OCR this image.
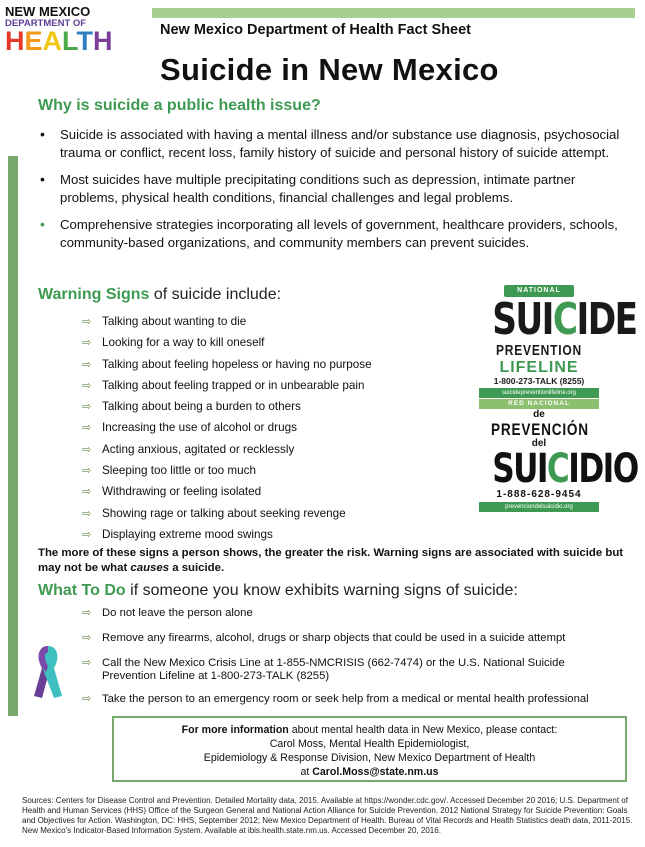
NEW MEXICO
DEPARTMENT OF
HEALTH	New Mexico Department of Health Fact Sheet
Suicide in New Mexico
Why is suicide a public health issue?
• Suicide is associated with having a mental illness and/or substance use diagnosis, psychosocial trauma or conflict, recent loss, family history of suicide and personal history of suicide attempt.
• Most suicides have multiple precipitating conditions such as depression, intimate partner problems, physical health conditions, financial challenges and legal problems.
• Comprehensive strategies incorporating all levels of government, healthcare providers, schools, community-based organizations, and community members can prevent suicides.
Warning Signs of suicide include:
⇨ Talking about wanting to die
⇨ Looking for a way to kill oneself
⇨ Talking about feeling hopeless or having no purpose
⇨ Talking about feeling trapped or in unbearable pain
⇨ Talking about being a burden to others
⇨ Increasing the use of alcohol or drugs
⇨ Acting anxious, agitated or recklessly
⇨ Sleeping too little or too much
⇨ Withdrawing or feeling isolated
⇨ Showing rage or talking about seeking revenge
⇨ Displaying extreme mood swings
NATIONAL
SUICIDE
PREVENTION
LIFELINE
1-800-273-TALK (8255)
suicidepreventionlifeline.org
RED NACIONAL
de
PREVENCIÓN
del
SUICIDIO
1-888-628-9454
prevenciondelsuicidio.org
The more of these signs a person shows, the greater the risk. Warning signs are associated with suicide but may not be what causes a suicide.
What To Do if someone you know exhibits warning signs of suicide:
⇨ Do not leave the person alone
⇨ Remove any firearms, alcohol, drugs or sharp objects that could be used in a suicide attempt
⇨ Call the New Mexico Crisis Line at 1-855-NMCRISIS (662-7474) or the U.S. National Suicide Prevention Lifeline at 1-800-273-TALK (8255)
⇨ Take the person to an emergency room or seek help from a medical or mental health professional
For more information about mental health data in New Mexico, please contact:
Carol Moss, Mental Health Epidemiologist,
Epidemiology & Response Division, New Mexico Department of Health
at Carol.Moss@state.nm.us
Sources: Centers for Disease Control and Prevention. Detailed Mortality data, 2015. Available at https://wonder.cdc.gov/. Accessed December 20 2016; U.S. Department of Health and Human Services (HHS) Office of the Surgeon General and National Action Alliance for Suicide Prevention. 2012 National Strategy for Suicide Prevention: Goals and Objectives for Action. Washington, DC: HHS, September 2012; New Mexico Department of Health. Bureau of Vital Records and Health Statistics death data, 2011-2015. New Mexico's Indicator-Based Information System. Available at ibis.health.state.nm.us. Accessed December 20, 2016.
